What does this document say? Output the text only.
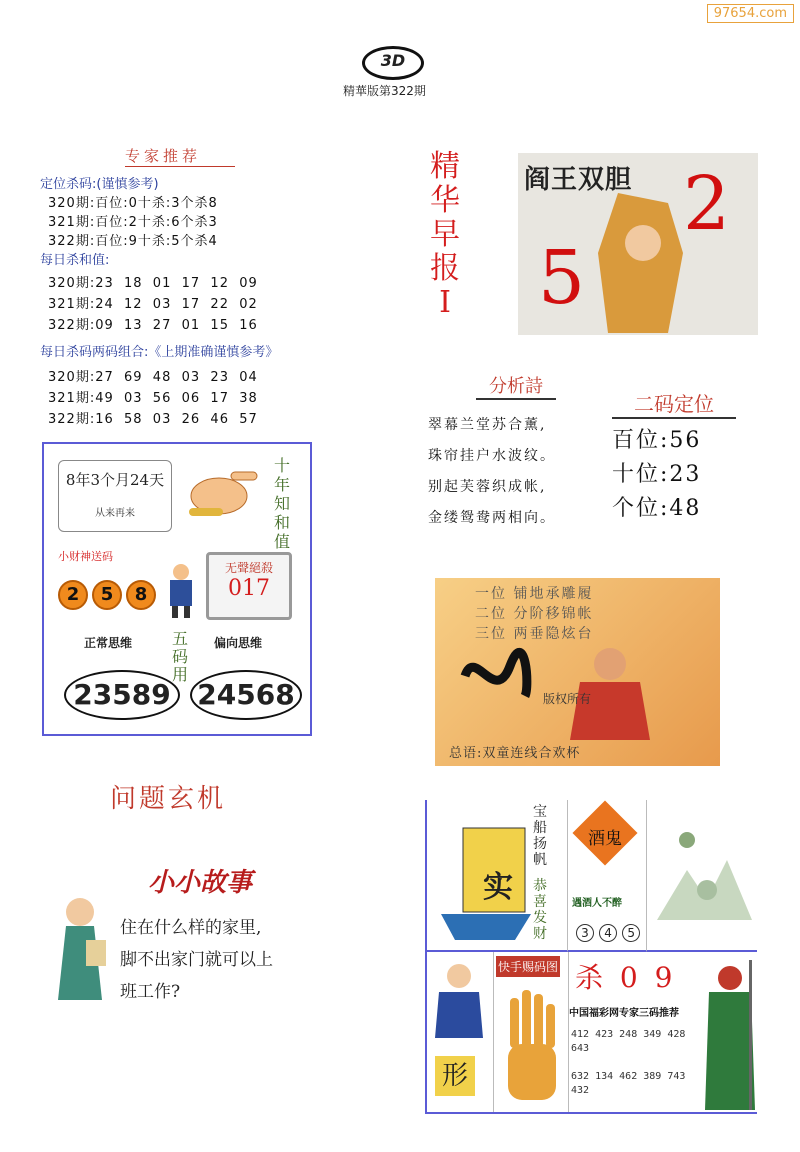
97654.com
3D
精華版第322期
专家推荐
定位杀码:(谨慎参考)
320期:百位:0十杀:3个杀8
321期:百位:2十杀:6个杀3
322期:百位:9十杀:5个杀4
每日杀和值:
320期:23  18  01  17  12  09
321期:24  12  03  17  22  02
322期:09  13  27  01  15  16
每日杀码两码组合:《上期准确谨慎参考》
320期:27  69  48  03  23  04
321期:49  03  56  06  17  38
322期:16  58  03  26  46  57
8年3个月24天
从来再来
十年知和值
小财神送码
2 5 8
无聲絕殺
017
正常思维	偏向思维
五码用
23589 24568
问题玄机
小小故事
住在什么样的家里,
脚不出家门就可以上
班工作?
精
华
早
报
I
阎王双胆
5
2
分析詩
翠幕兰堂苏合薰,
珠帘挂户水波纹。
别起芙蓉织成帐,
金缕鸳鸯两相向。
二码定位
百位:56
十位:23
个位:48
一位 铺地承雕履
二位 分阶移锦帐
三位 两垂隐炫台
版权所有
总语:双童连线合欢杯
实
宝船扬帆
恭喜发财
酒鬼
遇酒人不醉
3 4 5
形
快手赐码图 杀 0 9
中国福彩网专家三码推荐
412 423 248 349 428 643
632 134 462 389 743 432
